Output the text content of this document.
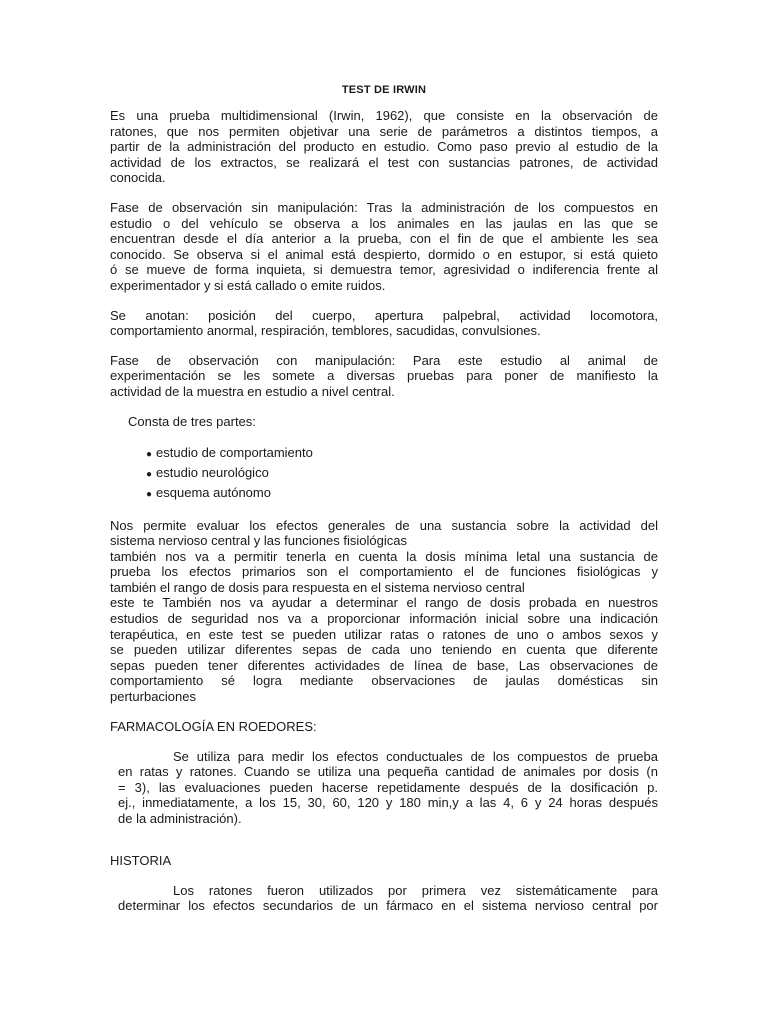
TEST DE IRWIN
Es una prueba multidimensional (Irwin, 1962), que consiste en la observación de
ratones, que nos permiten objetivar una serie de parámetros a distintos tiempos, a
partir de la administración del producto en estudio. Como paso previo al estudio de la
actividad de los extractos, se realizará el test con sustancias patrones, de actividad
conocida.
Fase de observación sin manipulación: Tras la administración de los compuestos en
estudio o del vehículo se observa a los animales en las jaulas en las que se
encuentran desde el día anterior a la prueba, con el fin de que el ambiente les sea
conocido. Se observa si el animal está despierto, dormido o en estupor, si está quieto
ó se mueve de forma inquieta, si demuestra temor, agresividad o indiferencia frente al
experimentador y si está callado o emite ruidos.
Se anotan: posición del cuerpo, apertura palpebral, actividad locomotora,
comportamiento anormal, respiración, temblores, sacudidas, convulsiones.
Fase de observación con manipulación: Para este estudio al animal de
experimentación se les somete a diversas pruebas para poner de manifiesto la
actividad de la muestra en estudio a nivel central.
Consta de tres partes:
● estudio de comportamiento
● estudio neurológico
● esquema autónomo
Nos permite evaluar los efectos generales de una sustancia sobre la actividad del
sistema nervioso central y las funciones fisiológicas
también nos va a permitir tenerla en cuenta la dosis mínima letal una sustancia de
prueba los efectos primarios son el comportamiento el de funciones fisiológicas y
también el rango de dosis para respuesta en el sistema nervioso central
este te También nos va ayudar a determinar el rango de dosis probada en nuestros
estudios de seguridad nos va a proporcionar información inicial sobre una indicación
terapéutica, en este test se pueden utilizar ratas o ratones de uno o ambos sexos y
se pueden utilizar diferentes sepas de cada uno teniendo en cuenta que diferente
sepas pueden tener diferentes actividades de línea de base, Las observaciones de
comportamiento sé logra mediante observaciones de jaulas domésticas sin
perturbaciones
FARMACOLOGÍA EN ROEDORES:
Se utiliza para medir los efectos conductuales de los compuestos de prueba
en ratas y ratones. Cuando se utiliza una pequeña cantidad de animales por dosis (n
= 3), las evaluaciones pueden hacerse repetidamente después de la dosificación p.
ej., inmediatamente, a los 15, 30, 60, 120 y 180 min,y a las 4, 6 y 24 horas después
de la administración).
HISTORIA
Los ratones fueron utilizados por primera vez sistemáticamente para
determinar los efectos secundarios de un fármaco en el sistema nervioso central por
